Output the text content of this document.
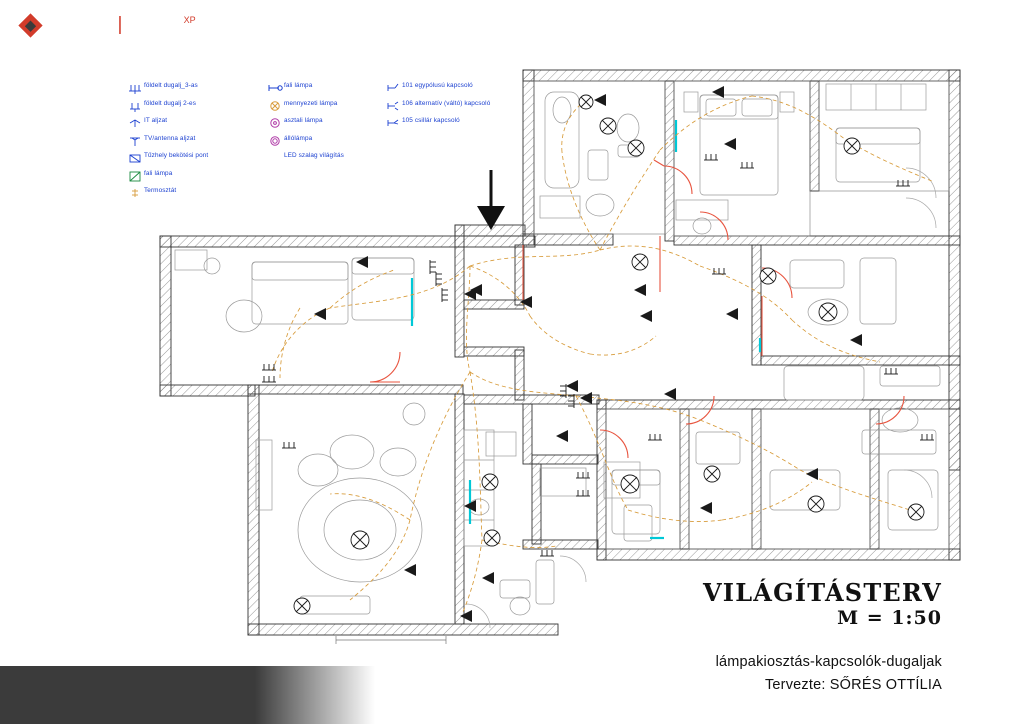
földelt dugalj_3-as
földelt dugalj 2-es
IT aljzat
TV/antenna aljzat
Tűzhely bekötési pont
fali lámpa
Termosztát
fali lámpa
mennyezeti lámpa
asztali lámpa
állólámpa
LED szalag világítás
101 egypólusú kapcsoló
106 alternatív (váltó) kapcsoló
105 csillár kapcsoló
VILÁGÍTÁSTERV
M = 1:50
lámpakiosztás-kapcsolók-dugaljak
Tervezte: SŐRÉS OTTÍLIA
ARCH|LINE $^{XP}$
